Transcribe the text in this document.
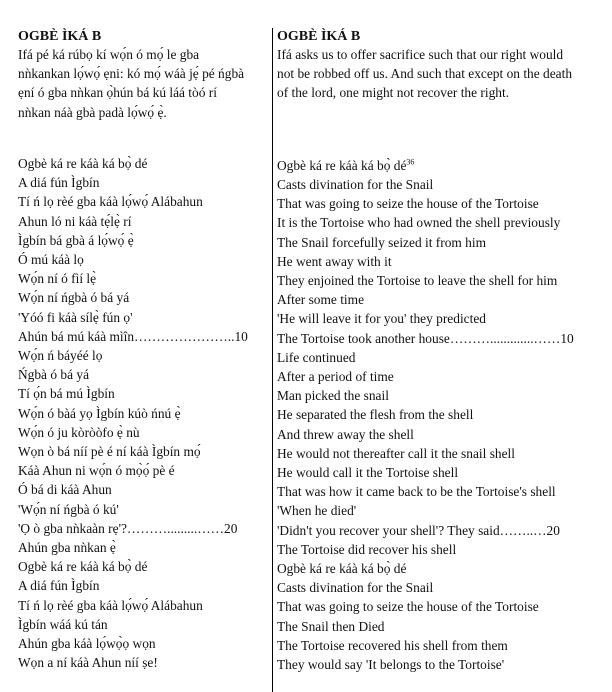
OGBÈ ÌKÁ B
Ifá pé ká rúbọ kí wọ́n ó mọ́ le gba
nǹkankan lọ́wọ́ ẹni: kó mọ́ wáà jẹ́ pé ńgbà
ẹní ó gba nǹkan ọ̀hún bá kú láá tòó rí
nǹkan náà gbà padà lọ́wọ́ ẹ̀.
Ogbè ká re káà ká bọ̀ dé
A diá fún Ìgbín
Tí ń lọ rèé gba káà lọ́wọ́ Alábahun
Ahun ló ni káà tẹ́lẹ̀ rí
Ìgbín bá gbà á lọ́wọ́ ẹ̀
Ó mú káà lọ
Wọ́n ní ó fìí lẹ̀
Wọ́n ní ńgbà ó bá yá
'Yóó fi káà sílẹ̀ fún ọ'
Ahún bá mú káà mìîn…………………..10
Wọ́n ń báyéé lọ
Ńgbà ó bá yá
Tí ọ́n bá mú Ìgbín
Wọ́n ó bàá yọ Ìgbín kúò ńnú ẹ̀
Wọ́n ó ju kòròòfo ẹ̀ nù
Wọn ò bá níí pè é ní káà Ìgbín mọ́
Káà Ahun ni wọ́n ó mọ̀ọ́ pè é
Ó bá di káà Ahun
'Wọ́n ní ńgbà ó kú'
'Ọ ò gba nǹkaàn rẹ'?……….........……20
Ahún gba nǹkan ẹ̀
Ogbè ká re káà ká bọ̀ dé
A diá fún Ìgbín
Tí ń lọ rèé gba káà lọ́wọ́ Alábahun
Ìgbín wáá kú tán
Ahún gba káà lọ́wọ̀ọ wọn
Wọn a ní káà Ahun níí ṣe!
OGBÈ ÌKÁ B
Ifá asks us to offer sacrifice such that our right would
not be robbed off us. And such that except on the death
of the lord, one might not recover the right.
Ogbè ká re káà ká bọ̀ $dé^{36}$
Casts divination for the Snail
That was going to seize the house of the Tortoise
It is the Tortoise who had owned the shell previously
The Snail forcefully seized it from him
He went away with it
They enjoined the Tortoise to leave the shell for him
After some time
'He will leave it for you' they predicted
The Tortoise took another house……….............……10
Life continued
After a period of time
Man picked the snail
He separated the flesh from the shell
And threw away the shell
He would not thereafter call it the snail shell
He would call it the Tortoise shell
That was how it came back to be the Tortoise's shell
'When he died'
'Didn't you recover your shell'? They said……..…20
The Tortoise did recover his shell
Ogbè ká re káà ká bọ̀ dé
Casts divination for the Snail
That was going to seize the house of the Tortoise
The Snail then Died
The Tortoise recovered his shell from them
They would say 'It belongs to the Tortoise'
